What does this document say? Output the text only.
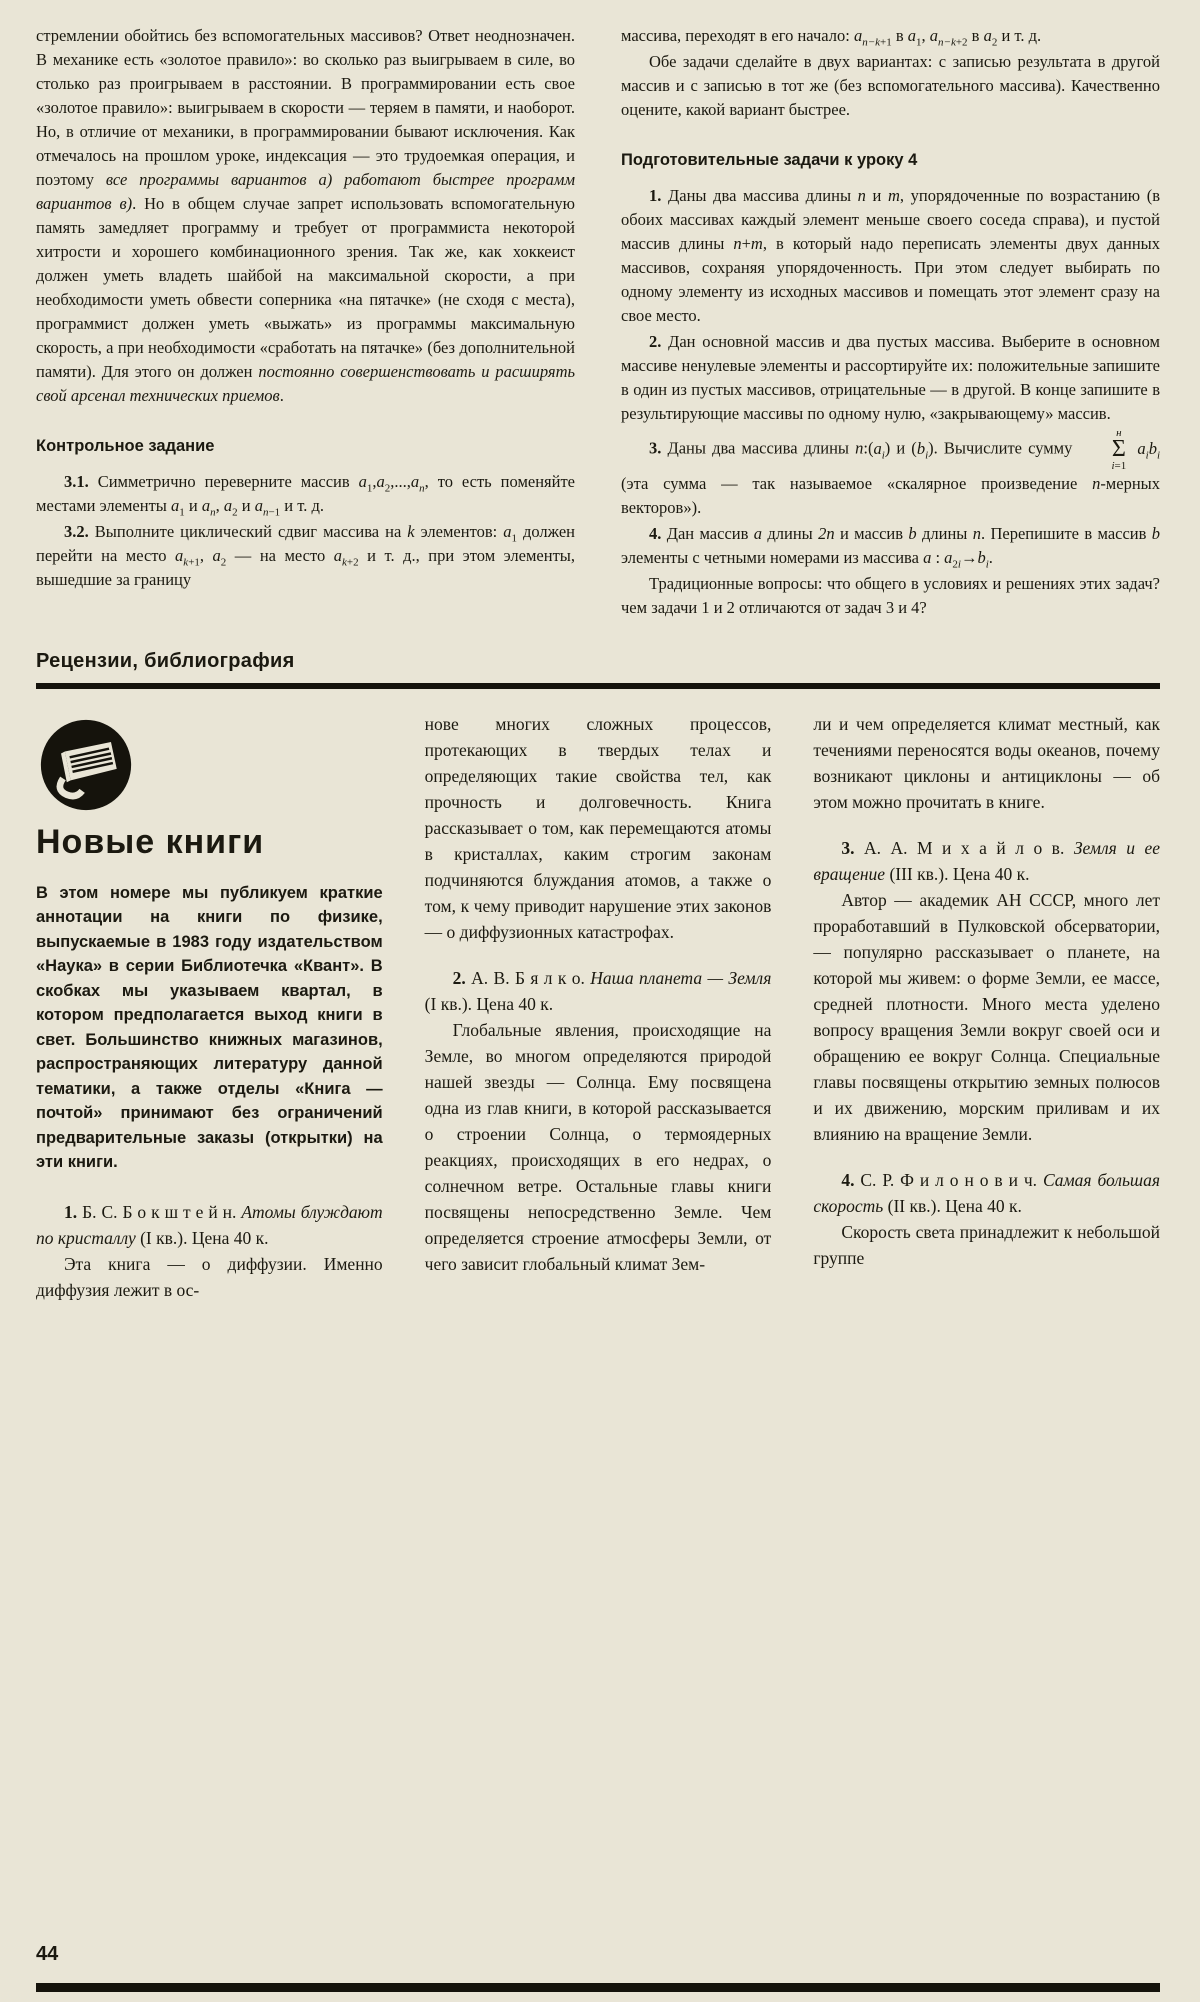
стремлении обойтись без вспомогательных массивов? Ответ неоднозначен. В механике есть «золотое правило»: во сколько раз выигрываем в силе, во столько раз проигрываем в расстоянии. В программировании есть свое «золотое правило»: выигрываем в скорости — теряем в памяти, и наоборот. Но, в отличие от механики, в программировании бывают исключения. Как отмечалось на прошлом уроке, индексация — это трудоемкая операция, и поэтому все программы вариантов а) работают быстрее программ вариантов в). Но в общем случае запрет использовать вспомогательную память замедляет программу и требует от программиста некоторой хитрости и хорошего комбинационного зрения. Так же, как хоккеист должен уметь владеть шайбой на максимальной скорости, а при необходимости уметь обвести соперника «на пятачке» (не сходя с места), программист должен уметь «выжать» из программы максимальную скорость, а при необходимости «сработать на пятачке» (без дополнительной памяти). Для этого он должен постоянно совершенствовать и расширять свой арсенал технических приемов.

Контрольное задание

3.1. Симметрично переверните массив $a_1,a_2,...,a_n$, то есть поменяйте местами элементы $a_1$ и $a_n$, $a_2$ и $a_{n-1}$ и т. д.

3.2. Выполните циклический сдвиг массива на k элементов: $a_1$ должен перейти на место $a_{k+1}$, $a_2$ — на место $a_{k+2}$ и т. д., при этом элементы, вышедшие за границу

массива, переходят в его начало: $a_{n-k+1}$ в $a_1$, $a_{n-k+2}$ в $a_2$ и т. д.

Обе задачи сделайте в двух вариантах: с записью результата в другой массив и с записью в тот же (без вспомогательного массива). Качественно оцените, какой вариант быстрее.

Подготовительные задачи к уроку 4

1. Даны два массива длины n и m, упорядоченные по возрастанию (в обоих массивах каждый элемент меньше своего соседа справа), и пустой массив длины n+m, в который надо переписать элементы двух данных массивов, сохраняя упорядоченность. При этом следует выбирать по одному элементу из исходных массивов и помещать этот элемент сразу на свое место.

2. Дан основной массив и два пустых массива. Выберите в основном массиве ненулевые элементы и рассортируйте их: положительные запишите в один из пустых массивов, отрицательные — в другой. В конце запишите в результирующие массивы по одному нулю, «закрывающему» массив.

3. Даны два массива длины $n:(a_i)$ и $(b_i)$. Вычислите сумму
н
Σ
i=1
$a_ib_i$ (эта сумма — так называемое «скалярное произведение n-мерных векторов»).

4. Дан массив a длины 2n и массив b длины n. Перепишите в массив b элементы с четными номерами из массива a : $a_{2i}\to b_i$.

Традиционные вопросы: что общего в условиях и решениях этих задач? чем задачи 1 и 2 отличаются от задач 3 и 4?

Рецензии, библиография
Новые книги

В этом номере мы публикуем краткие аннотации на книги по физике, выпускаемые в 1983 году издательством «Наука» в серии Библиотечка «Квант». В скобках мы указываем квартал, в котором предполагается выход книги в свет. Большинство книжных магазинов, распространяющих литературу данной тематики, а также отделы «Книга — почтой» принимают без ограничений предварительные заказы (открытки) на эти книги.

1. Б. С. Б о к ш т е й н. Атомы блуждают по кристаллу (I кв.). Цена 40 к.

Эта книга — о диффузии. Именно диффузия лежит в ос-

нове многих сложных процессов, протекающих в твердых телах и определяющих такие свойства тел, как прочность и долговечность. Книга рассказывает о том, как перемещаются атомы в кристаллах, каким строгим законам подчиняются блуждания атомов, а также о том, к чему приводит нарушение этих законов — о диффузионных катастрофах.

2. А. В. Б я л к о. Наша планета — Земля (I кв.). Цена 40 к.

Глобальные явления, происходящие на Земле, во многом определяются природой нашей звезды — Солнца. Ему посвящена одна из глав книги, в которой рассказывается о строении Солнца, о термоядерных реакциях, происходящих в его недрах, о солнечном ветре. Остальные главы книги посвящены непосредственно Земле. Чем определяется строение атмосферы Земли, от чего зависит глобальный климат Зем-

ли и чем определяется климат местный, как течениями переносятся воды океанов, почему возникают циклоны и антициклоны — об этом можно прочитать в книге.

3. А. А. М и х а й л о в. Земля и ее вращение (III кв.). Цена 40 к.

Автор — академик АН СССР, много лет проработавший в Пулковской обсерватории,— популярно рассказывает о планете, на которой мы живем: о форме Земли, ее массе, средней плотности. Много места уделено вопросу вращения Земли вокруг своей оси и обращению ее вокруг Солнца. Специальные главы посвящены открытию земных полюсов и их движению, морским приливам и их влиянию на вращение Земли.

4. С. Р. Ф и л о н о в и ч. Самая большая скорость (II кв.). Цена 40 к.

Скорость света принадлежит к небольшой группе

44
